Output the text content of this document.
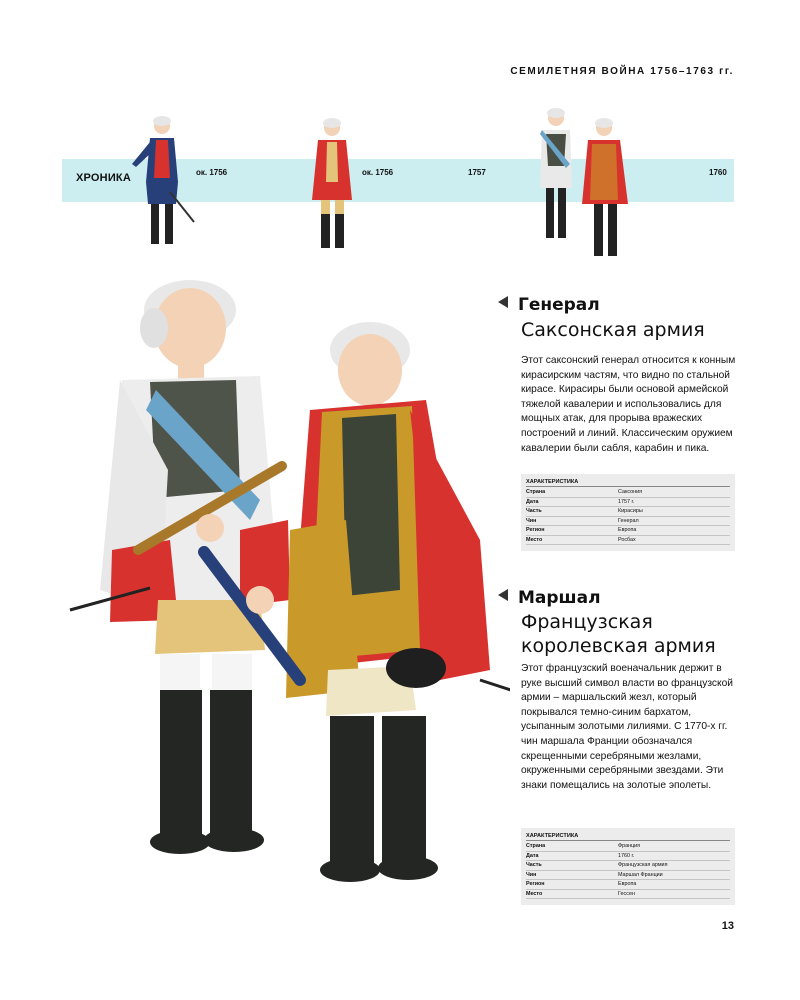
СЕМИЛЕТНЯЯ ВОЙНА 1756–1763 гг.
ХРОНИКА	ок. 1756	ок. 1756	1757	1760
Генерал
Саксонская армия
Этот саксонский генерал относится к конным кирасирским частям, что видно по стальной кирасе. Кирасиры были основой армейской тяжелой кавалерии и использовались для мощных атак, для прорыва вражеских построений и линий. Классическим оружием кавалерии были сабля, карабин и пика.
ХАРАКТЕРИСТИКА
Страна	Саксония
Дата	1757 г.
Часть	Кирасиры
Чин	Генерал
Регион	Европа
Место	Росбах
Маршал
Французская королевская армия
Этот французский военачальник держит в руке высший символ власти во французской армии – маршальский жезл, который покрывался темно-синим бархатом, усыпанным золотыми лилиями. С 1770-х гг. чин маршала Франции обозначался скрещенными серебряными жезлами, окруженными серебряными звездами. Эти знаки помещались на золотые эполеты.
ХАРАКТЕРИСТИКА
Страна	Франция
Дата	1760 г.
Часть	Французская армия
Чин	Маршал Франции
Регион	Европа
Место	Гессен
13
